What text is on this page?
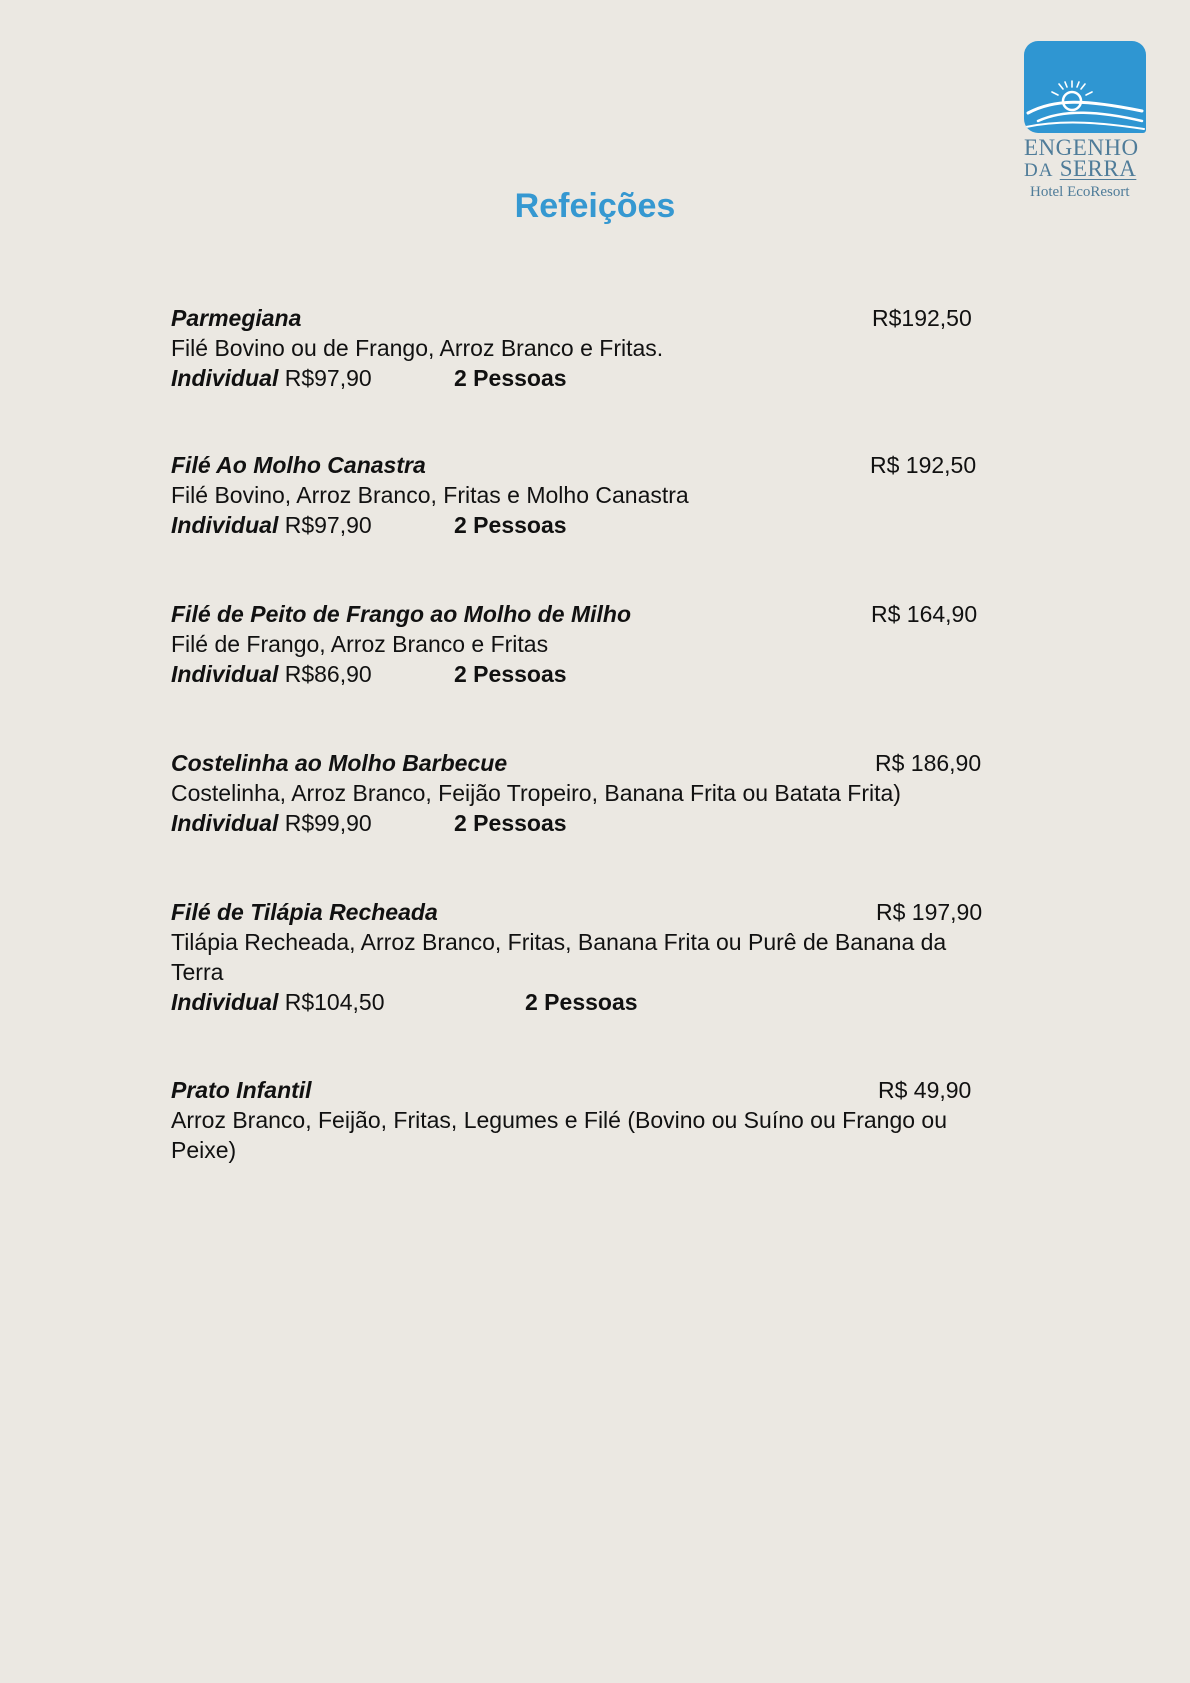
ENGENHO
DA SERRA
Hotel EcoResort
Refeições
Parmegiana	R$192,50
Filé Bovino ou de Frango, Arroz Branco e Fritas.
Individual R$97,90	2 Pessoas
Filé Ao Molho Canastra	R$ 192,50
Filé Bovino, Arroz Branco, Fritas e Molho Canastra
Individual R$97,90	2 Pessoas
Filé de Peito de Frango ao Molho de Milho	R$ 164,90
Filé de Frango, Arroz Branco e Fritas
Individual R$86,90	2 Pessoas
Costelinha ao Molho Barbecue	R$ 186,90
Costelinha, Arroz Branco, Feijão Tropeiro, Banana Frita ou Batata Frita)
Individual R$99,90	2 Pessoas
Filé de Tilápia Recheada	R$ 197,90
Tilápia Recheada, Arroz Branco, Fritas, Banana Frita ou Purê de Banana da Terra
Individual R$104,50	2 Pessoas
Prato Infantil	R$ 49,90
Arroz Branco, Feijão, Fritas, Legumes e Filé (Bovino ou Suíno ou Frango ou Peixe)
